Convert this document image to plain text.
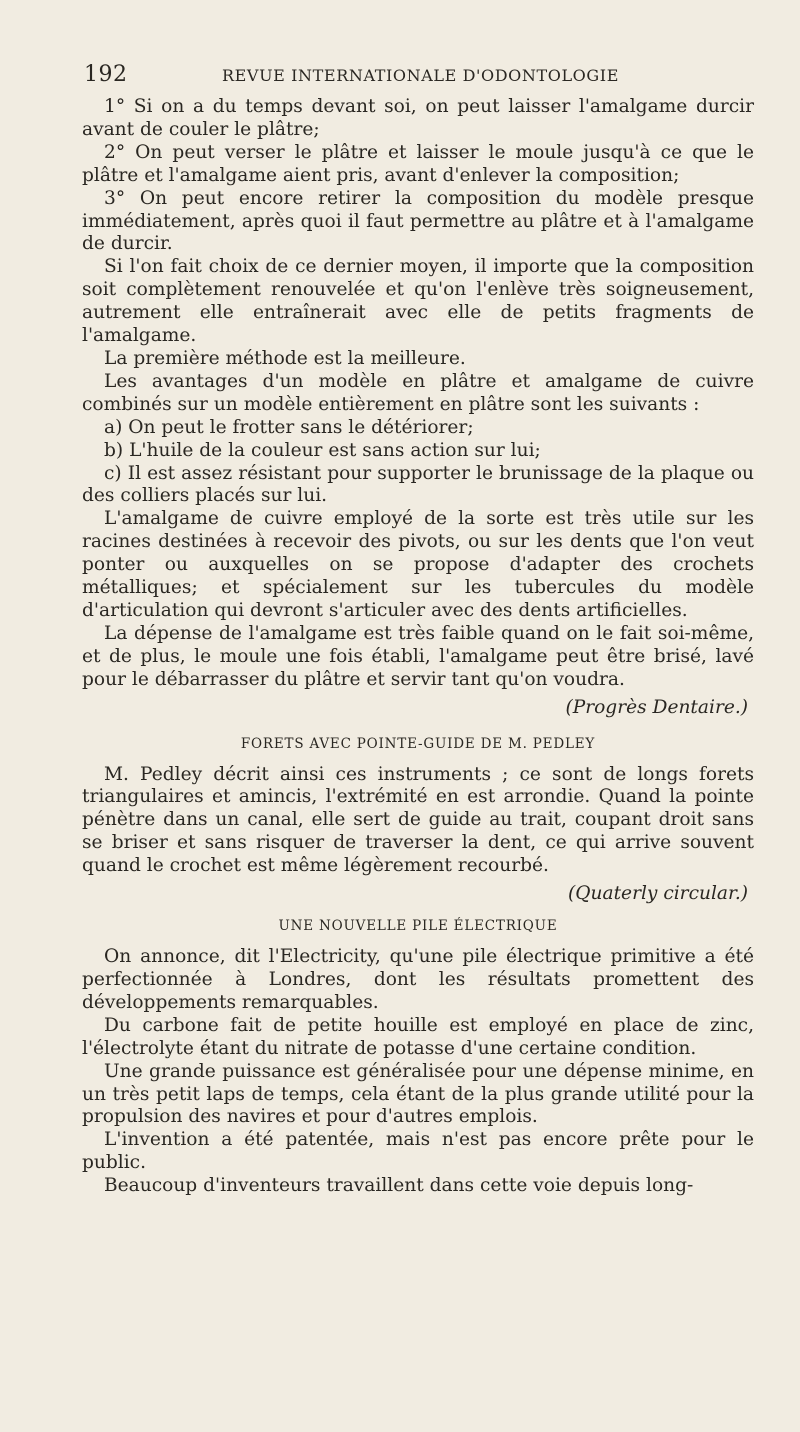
192	REVUE INTERNATIONALE D'ODONTOLOGIE

1° Si on a du temps devant soi, on peut laisser l'amalgame durcir avant de couler le plâtre;

2° On peut verser le plâtre et laisser le moule jusqu'à ce que le plâtre et l'amalgame aient pris, avant d'enlever la composition;

3° On peut encore retirer la composition du modèle presque immédiatement, après quoi il faut permettre au plâtre et à l'amalgame de durcir.

Si l'on fait choix de ce dernier moyen, il importe que la composition soit complètement renouvelée et qu'on l'enlève très soigneusement, autrement elle entraînerait avec elle de petits fragments de l'amalgame.

La première méthode est la meilleure.

Les avantages d'un modèle en plâtre et amalgame de cuivre combinés sur un modèle entièrement en plâtre sont les suivants :

a) On peut le frotter sans le détériorer;

b) L'huile de la couleur est sans action sur lui;

c) Il est assez résistant pour supporter le brunissage de la plaque ou des colliers placés sur lui.

L'amalgame de cuivre employé de la sorte est très utile sur les racines destinées à recevoir des pivots, ou sur les dents que l'on veut ponter ou auxquelles on se propose d'adapter des crochets métalliques; et spécialement sur les tubercules du modèle d'articulation qui devront s'articuler avec des dents artificielles.

La dépense de l'amalgame est très faible quand on le fait soi-même, et de plus, le moule une fois établi, l'amalgame peut être brisé, lavé pour le débarrasser du plâtre et servir tant qu'on voudra.

(Progrès Dentaire.)
FORETS AVEC POINTE-GUIDE DE M. PEDLEY

M. Pedley décrit ainsi ces instruments ; ce sont de longs forets triangulaires et amincis, l'extrémité en est arrondie. Quand la pointe pénètre dans un canal, elle sert de guide au trait, coupant droit sans se briser et sans risquer de traverser la dent, ce qui arrive souvent quand le crochet est même légèrement recourbé.

(Quaterly circular.)
UNE NOUVELLE PILE ÉLECTRIQUE

On annonce, dit l'Electricity, qu'une pile électrique primitive a été perfectionnée à Londres, dont les résultats promettent des développements remarquables.

Du carbone fait de petite houille est employé en place de zinc, l'électrolyte étant du nitrate de potasse d'une certaine condition.

Une grande puissance est généralisée pour une dépense minime, en un très petit laps de temps, cela étant de la plus grande utilité pour la propulsion des navires et pour d'autres emplois.

L'invention a été patentée, mais n'est pas encore prête pour le public.

Beaucoup d'inventeurs travaillent dans cette voie depuis long-
